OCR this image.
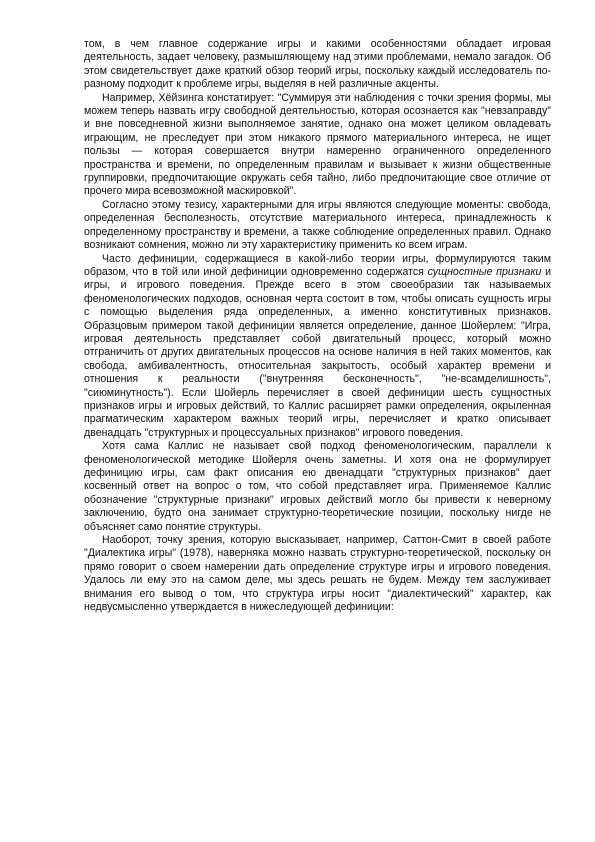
том, в чем главное содержание игры и какими особенностями обладает игровая деятельность, задает человеку, размышляющему над этими проблемами, немало загадок. Об этом свидетельствует даже краткий обзор теорий игры, поскольку каждый исследователь по-разному подходит к проблеме игры, выделяя в ней различные акценты.

Например, Хёйзинга констатирует: "Суммируя эти наблюдения с точки зрения формы, мы можем теперь назвать игру свободной деятельностью, которая осознается как "невзаправду" и вне повседневной жизни выполняемое занятие, однако она может целиком овладевать играющим, не преследует при этом никакого прямого материального интереса, не ищет пользы — которая совершается внутри намеренно ограниченного определенного пространства и времени, по определенным правилам и вызывает к жизни общественные группировки, предпочитающие окружать себя тайно, либо предпочитающие свое отличие от прочего мира всевозможной маскировкой".

Согласно этому тезису, характерными для игры являются следующие моменты: свобода, определенная бесполезность, отсутствие материального интереса, принадлежность к определенному пространству и времени, а также соблюдение определенных правил. Однако возникают сомнения, можно ли эту характеристику применить ко всем играм.

Часто дефиниции, содержащиеся в какой-либо теории игры, формулируются таким образом, что в той или иной дефиниции одновременно содержатся сущностные признаки и игры, и игрового поведения. Прежде всего в этом своеобразии так называемых феноменологических подходов, основная черта состоит в том, чтобы описать сущность игры с помощью выделения ряда определенных, а именно конститутивных признаков. Образцовым примером такой дефиниции является определение, данное Шойерлем: "Игра, игровая деятельность представляет собой двигательный процесс, который можно отграничить от других двигательных процессов на основе наличия в ней таких моментов, как свобода, амбивалентность, относительная закрытость, особый характер времени и отношения к реальности ("внутренняя бесконечность", "не-всамделишность", "сиюминутность"). Если Шойерль перечисляет в своей дефиниции шесть сущностных признаков игры и игровых действий, то Каллис расширяет рамки определения, окрыленная прагматическим характером важных теорий игры, перечисляет и кратко описывает двенадцать "структурных и процессуальных признаков" игрового поведения.

Хотя сама Каллис не называет свой подход феноменологическим, параллели к феноменологической методике Шойерля очень заметны. И хотя она не формулирует дефиницию игры, сам факт описания ею двенадцати "структурных признаков" дает косвенный ответ на вопрос о том, что собой представляет игра. Применяемое Каллис обозначение "структурные признаки" игровых действий могло бы привести к неверному заключению, будто она занимает структурно-теоретические позиции, поскольку нигде не объясняет само понятие структуры.

Наоборот, точку зрения, которую высказывает, например, Саттон-Смит в своей работе "Диалектика игры" (1978), наверняка можно назвать структурно-теоретической, поскольку он прямо говорит о своем намерении дать определение структуре игры и игрового поведения. Удалось ли ему это на самом деле, мы здесь решать не будем. Между тем заслуживает внимания его вывод о том, что структура игры носит "диалектический" характер, как недвусмысленно утверждается в нижеследующей дефиниции:
